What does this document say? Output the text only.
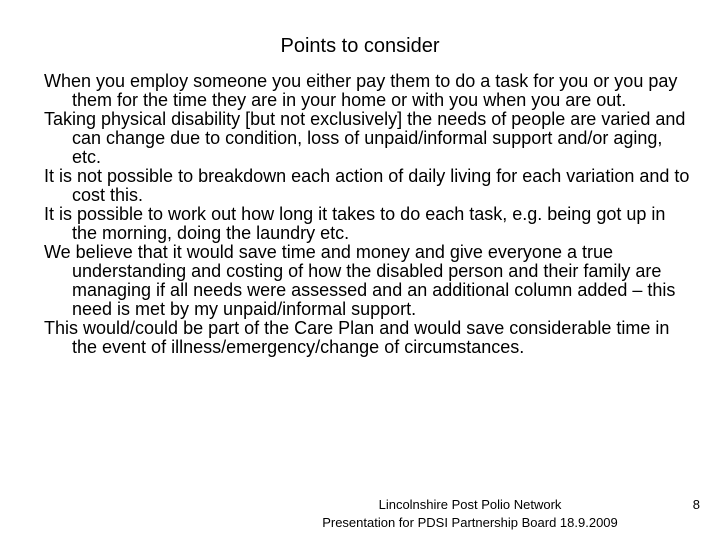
Points to consider
When you employ someone you either pay them to do a task for you or you pay them for the time they are in your home or with you when you are out.
Taking physical disability [but not exclusively] the needs of people are varied and can change due to condition, loss of unpaid/informal support and/or aging, etc.
It is not possible to breakdown each action of daily living for each variation and to cost this.
It is possible to work out how long it takes to do each task, e.g. being got up in the morning, doing the laundry etc.
We believe that it would save time and money and give everyone a true understanding and costing of how the disabled person and their family are managing if all needs were assessed and an additional column added – this need is met by my unpaid/informal support.
This would/could be part of the Care Plan and would save considerable time in the event of illness/emergency/change of circumstances.
Lincolnshire Post Polio Network
Presentation for PDSI Partnership Board 18.9.2009
8
